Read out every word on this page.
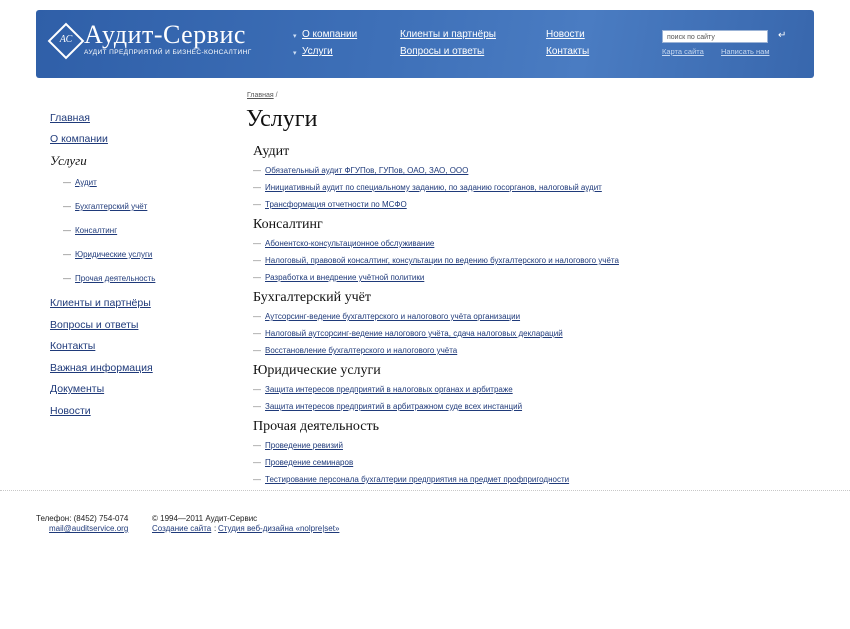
АС Аудит-Сервис
АУДИТ ПРЕДПРИЯТИЙ И БИЗНЕС-КОНСАЛТИНГ
▾ О компании
▾ Услуги
Клиенты и партнёры
Вопросы и ответы
Новости
Контакты
поиск по сайту	↵
Карта сайта Написать нам
Главная
О компании
Услуги
— Аудит
— Бухгалтерский учёт
— Консалтинг
— Юридические услуги
— Прочая деятельность
Клиенты и партнёры
Вопросы и ответы
Контакты
Важная информация
Документы
Новости
Главная /
Услуги
Аудит
— Обязательный аудит ФГУПов, ГУПов, ОАО, ЗАО, ООО
— Инициативный аудит по специальному заданию, по заданию госорганов, налоговый аудит
— Трансформация отчетности по МСФО
Консалтинг
— Абонентско-консультационное обслуживание
— Налоговый, правовой консалтинг, консультации по ведению бухгалтерского и налогового учёта
— Разработка и внедрение учётной политики
Бухгалтерский учёт
— Аутсорсинг-ведение бухгалтерского и налогового учёта организации
— Налоговый аутсорсинг-ведение налогового учёта, сдача налоговых деклараций
— Восстановление бухгалтерского и налогового учёта
Юридические услуги
— Защита интересов предприятий в налоговых органах и арбитраже
— Защита интересов предприятий в арбитражном суде всех инстанций
Прочая деятельность
— Проведение ревизий
— Проведение семинаров
— Тестирование персонала бухгалтерии предприятия на предмет профпригодности
Телефон: (8452) 754-074
mail@auditservice.org
© 1994—2011 Аудит-Сервис
Создание сайта : Студия веб-дизайна «nolpre|set»
